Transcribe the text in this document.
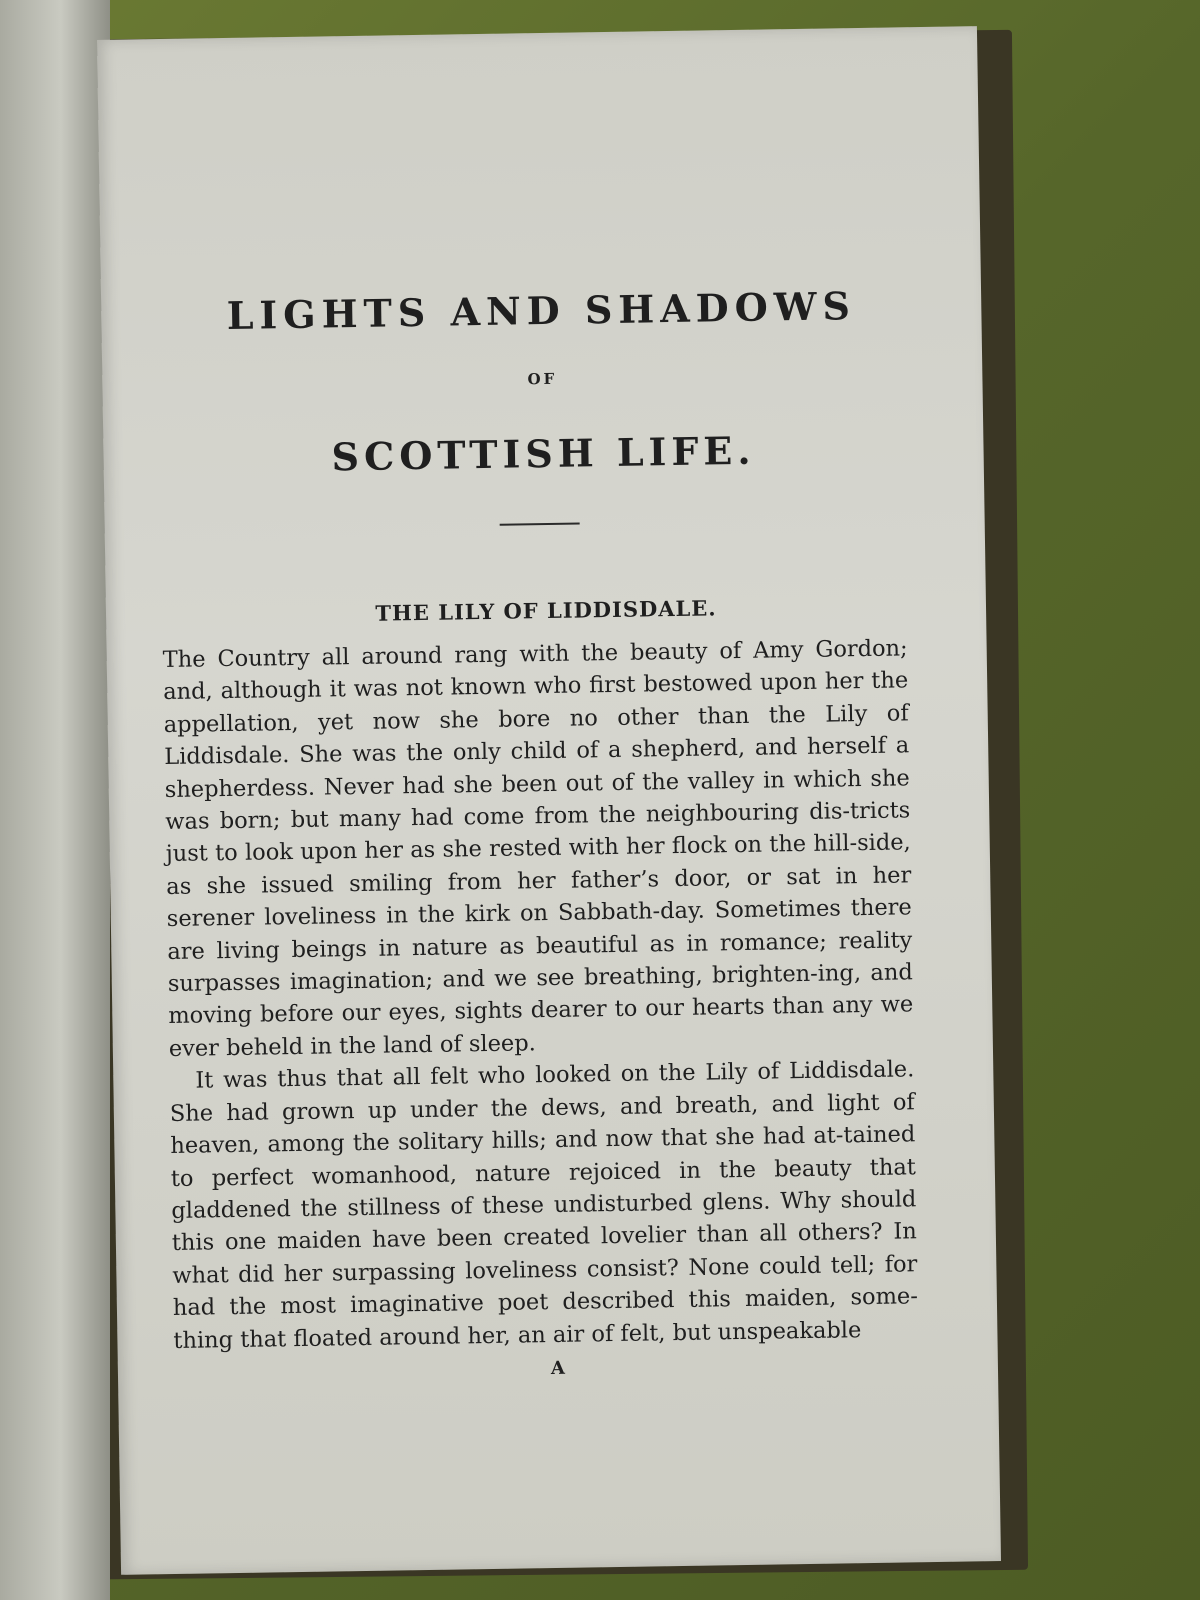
LIGHTS AND SHADOWS
OF
SCOTTISH LIFE.
THE LILY OF LIDDISDALE.

The Country all around rang with the beauty of Amy Gordon; and, although it was not known who first bestowed upon her the appellation, yet now she bore no other than the Lily of Liddisdale. She was the only child of a shepherd, and herself a shepherdess. Never had she been out of the valley in which she was born; but many had come from the neighbouring dis-tricts just to look upon her as she rested with her flock on the hill-side, as she issued smiling from her father’s door, or sat in her serener loveliness in the kirk on Sabbath-day. Sometimes there are living beings in nature as beautiful as in romance; reality surpasses imagination; and we see breathing, brighten-ing, and moving before our eyes, sights dearer to our hearts than any we ever beheld in the land of sleep.

It was thus that all felt who looked on the Lily of Liddisdale. She had grown up under the dews, and breath, and light of heaven, among the solitary hills; and now that she had at-tained to perfect womanhood, nature rejoiced in the beauty that gladdened the stillness of these undisturbed glens. Why should this one maiden have been created lovelier than all others? In what did her surpassing loveliness consist? None could tell; for had the most imaginative poet described this maiden, some-thing that floated around her, an air of felt, but unspeakable

A
